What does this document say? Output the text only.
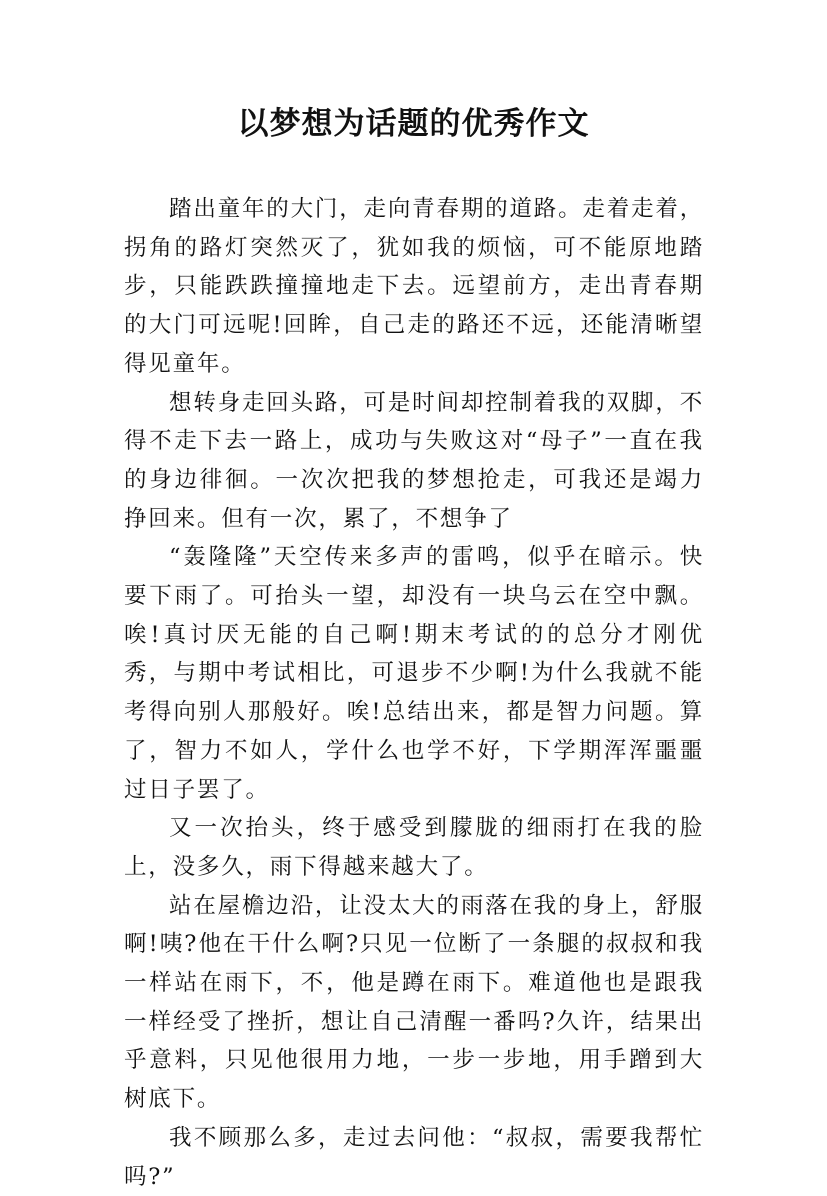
以梦想为话题的优秀作文

踏出童年的大门，走向青春期的道路。走着走着，拐角的路灯突然灭了，犹如我的烦恼，可不能原地踏步，只能跌跌撞撞地走下去。远望前方，走出青春期的大门可远呢!回眸，自己走的路还不远，还能清晰望得见童年。

想转身走回头路，可是时间却控制着我的双脚，不得不走下去一路上，成功与失败这对“母子”一直在我的身边徘徊。一次次把我的梦想抢走，可我还是竭力挣回来。但有一次，累了，不想争了

“轰隆隆”天空传来多声的雷鸣，似乎在暗示。快要下雨了。可抬头一望，却没有一块乌云在空中飘。唉!真讨厌无能的自己啊!期末考试的的总分才刚优秀，与期中考试相比，可退步不少啊!为什么我就不能考得向别人那般好。唉!总结出来，都是智力问题。算了，智力不如人，学什么也学不好，下学期浑浑噩噩过日子罢了。

又一次抬头，终于感受到朦胧的细雨打在我的脸上，没多久，雨下得越来越大了。

站在屋檐边沿，让没太大的雨落在我的身上，舒服啊!咦?他在干什么啊?只见一位断了一条腿的叔叔和我一样站在雨下，不，他是蹲在雨下。难道他也是跟我一样经受了挫折，想让自己清醒一番吗?久许，结果出乎意料，只见他很用力地，一步一步地，用手蹭到大树底下。

我不顾那么多，走过去问他：“叔叔，需要我帮忙吗?”
